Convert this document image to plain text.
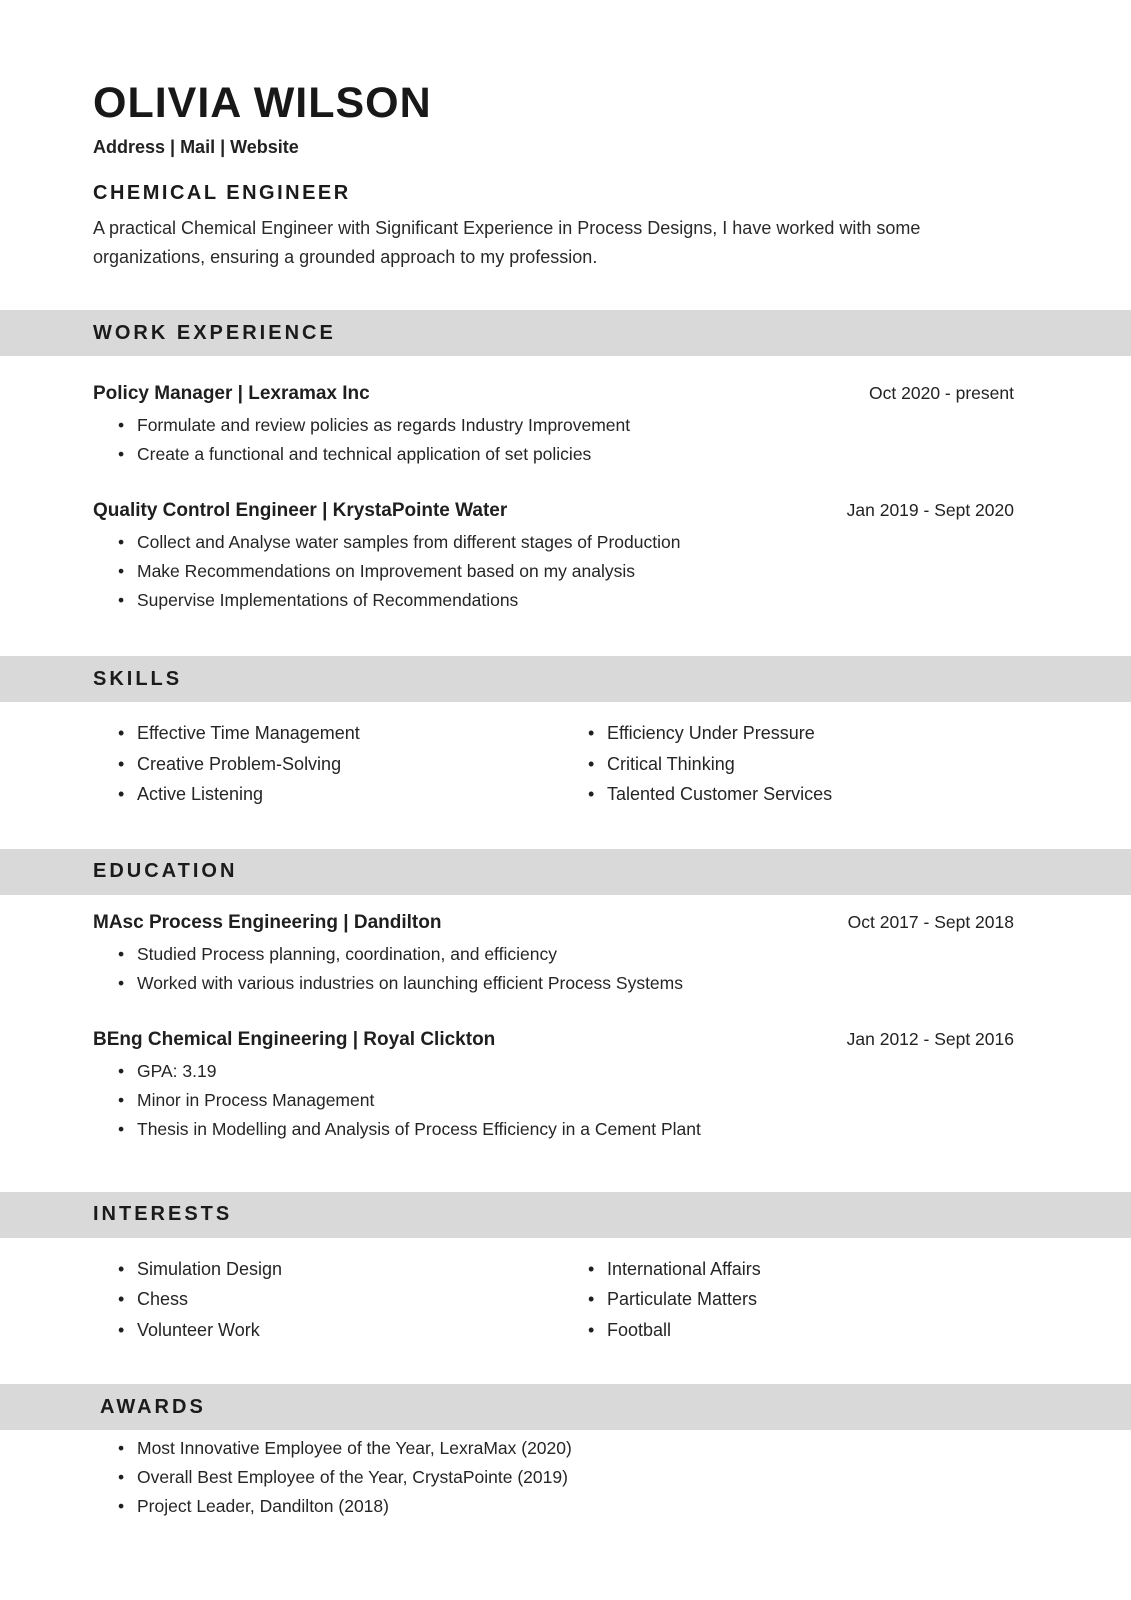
OLIVIA WILSON
Address | Mail | Website
CHEMICAL ENGINEER
A practical Chemical Engineer with Significant Experience in Process Designs, I have worked with some organizations, ensuring a grounded approach to my profession.
WORK EXPERIENCE
Policy Manager | Lexramax Inc	Oct 2020 - present
• Formulate and review policies as regards Industry Improvement
• Create a functional and technical application of set policies
Quality Control Engineer | KrystaPointe Water	Jan 2019 - Sept 2020
• Collect and Analyse water samples from different stages of Production
• Make Recommendations on Improvement based on my analysis
• Supervise Implementations of Recommendations
SKILLS
• Effective Time Management
• Creative Problem-Solving
• Active Listening
• Efficiency Under Pressure
• Critical Thinking
• Talented Customer Services
EDUCATION
MAsc Process Engineering | Dandilton	Oct 2017 - Sept 2018
• Studied Process planning, coordination, and efficiency
• Worked with various industries on launching efficient Process Systems
BEng Chemical Engineering | Royal Clickton	Jan 2012 - Sept 2016
• GPA: 3.19
• Minor in Process Management
• Thesis in Modelling and Analysis of Process Efficiency in a Cement Plant
INTERESTS
• Simulation Design
• Chess
• Volunteer Work
• International Affairs
• Particulate Matters
• Football
AWARDS
• Most Innovative Employee of the Year, LexraMax (2020)
• Overall Best Employee of the Year, CrystaPointe (2019)
• Project Leader, Dandilton (2018)
